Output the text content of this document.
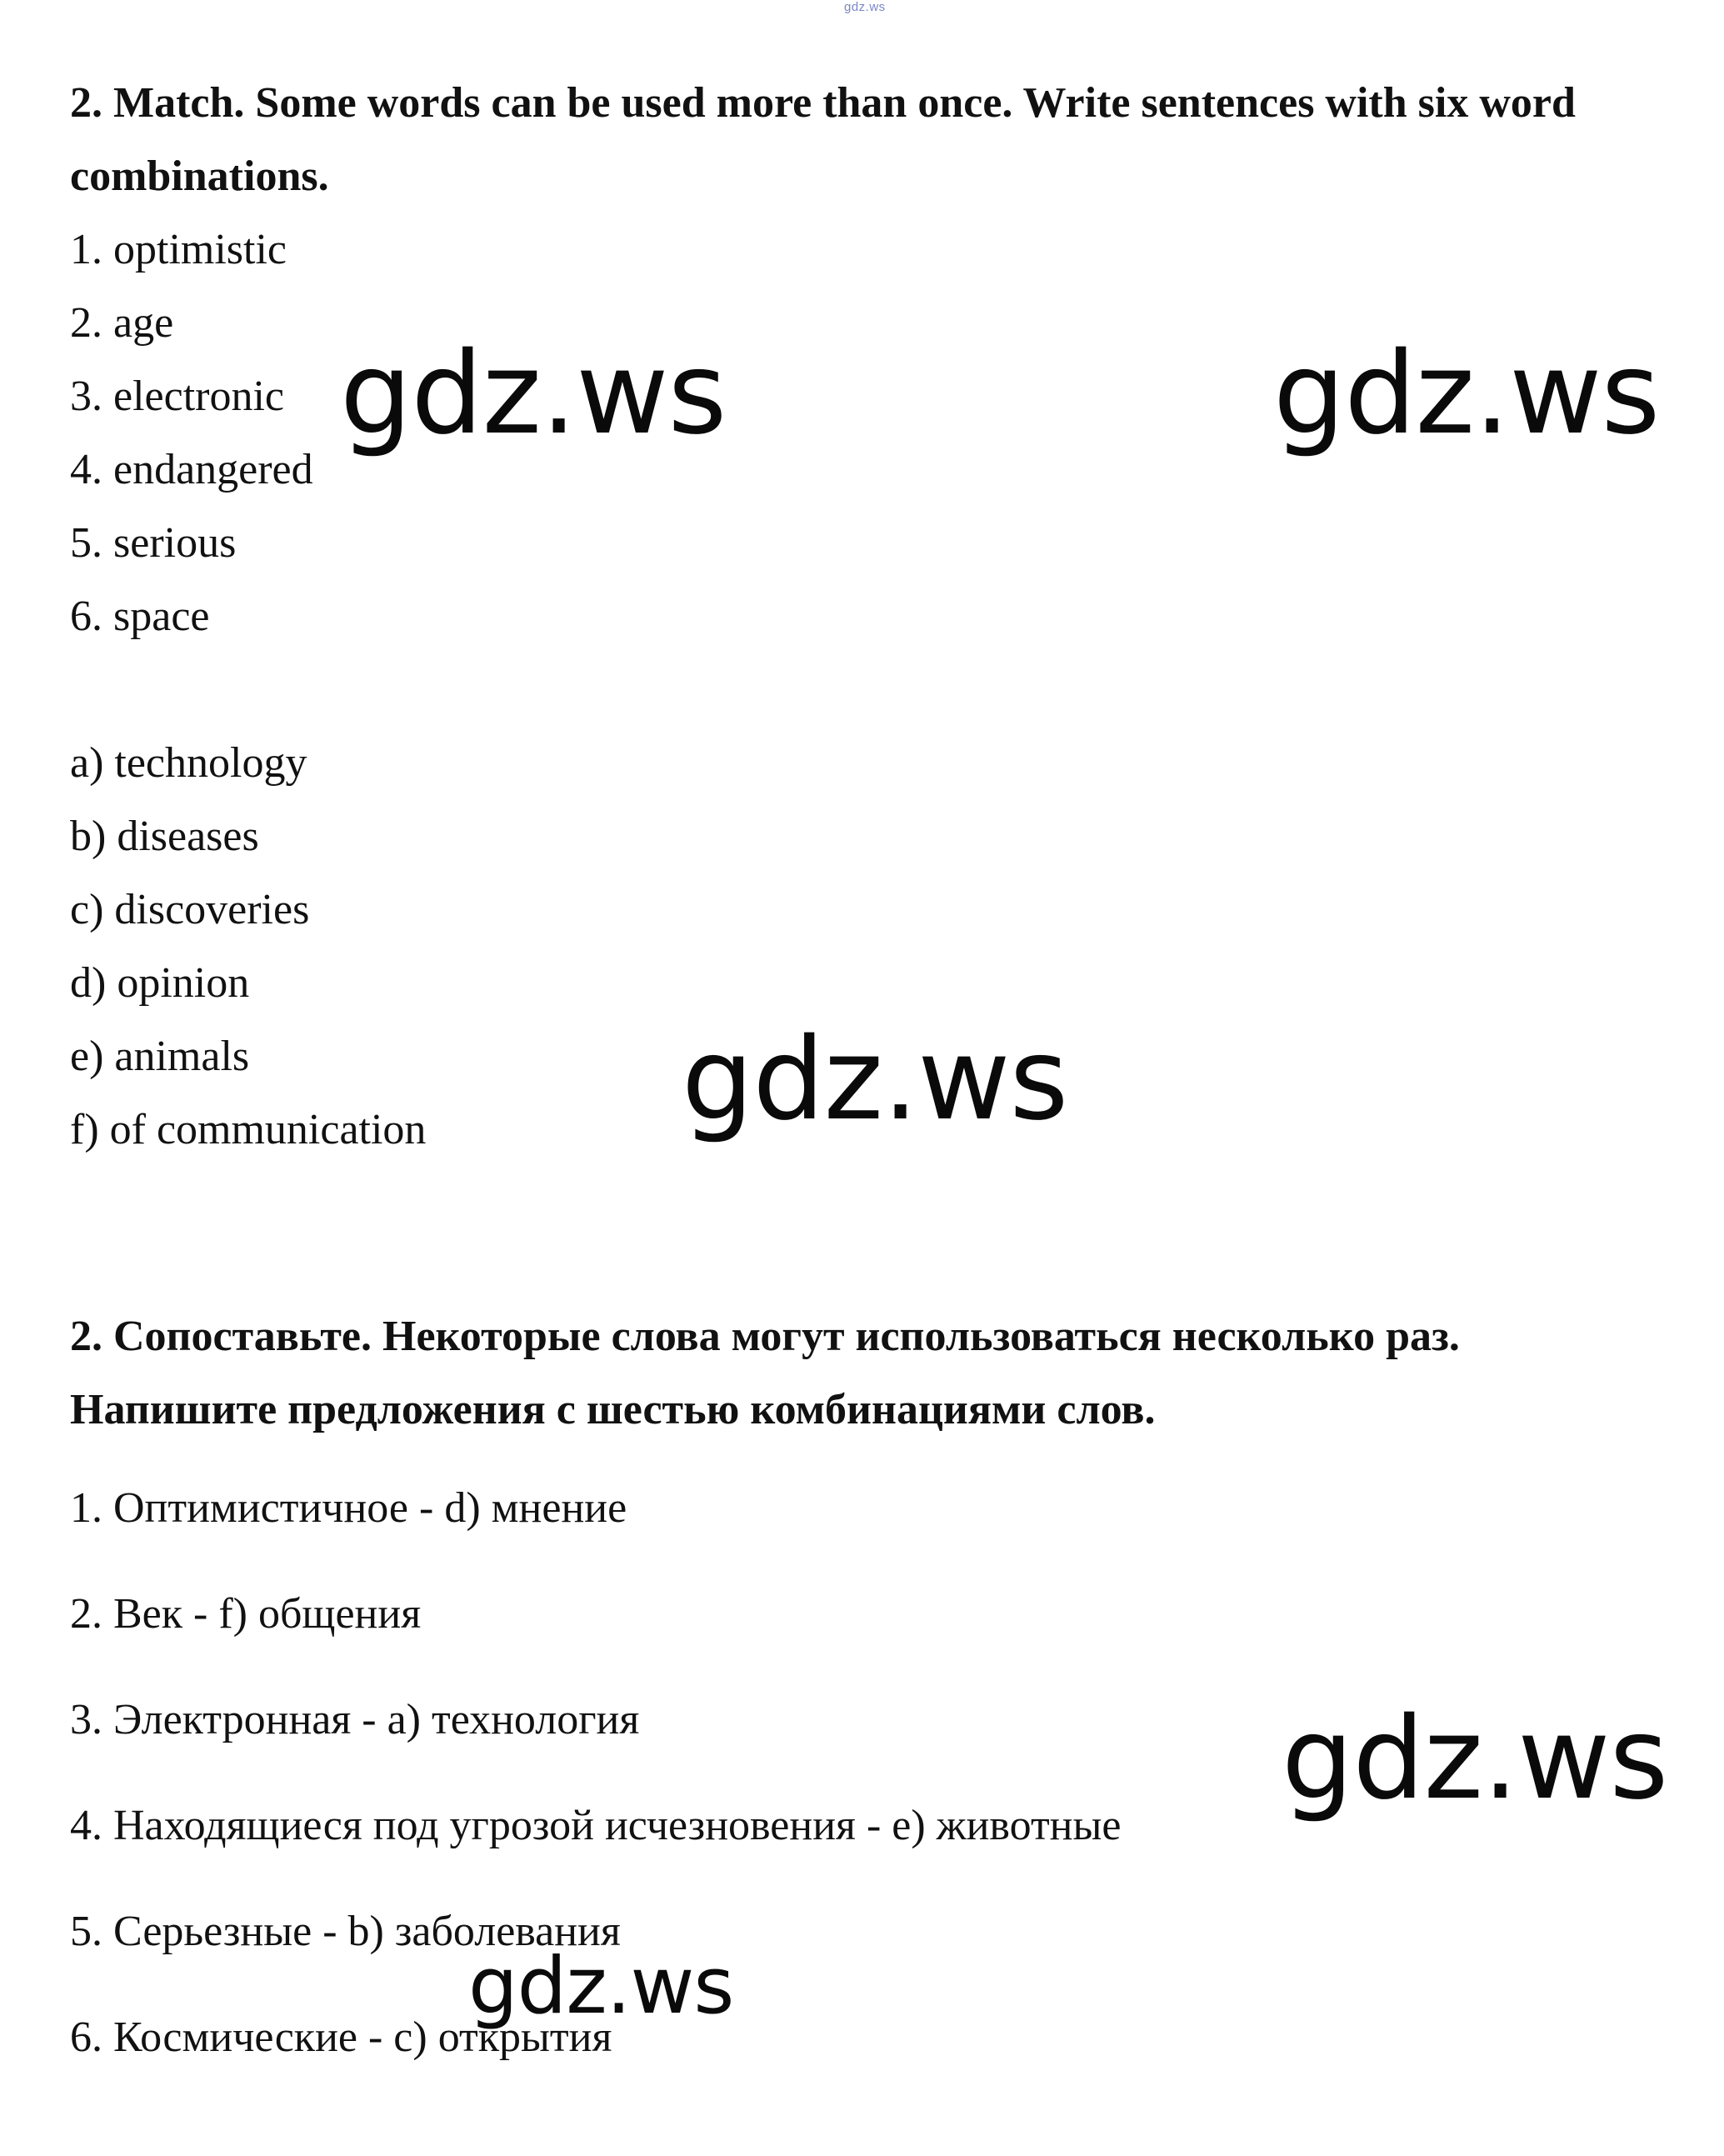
gdz.ws

2. Match. Some words can be used more than once. Write sentences with six word combinations.

1. optimistic

2. age

3. electronic

4. endangered

5. serious

6. space

a) technology

b) diseases

c) discoveries

d) opinion

e) animals

f) of communication

2. Сопоставьте. Некоторые слова могут использоваться несколько раз. Напишите предложения с шестью комбинациями слов.

1. Оптимистичное - d) мнение

2. Век - f) общения

3. Электронная - a) технология

4. Находящиеся под угрозой исчезновения - e) животные

5. Серьезные - b) заболевания

6. Космические - c) открытия

gdz.ws	gdz.ws
gdz.ws
gdz.ws
gdz.ws
